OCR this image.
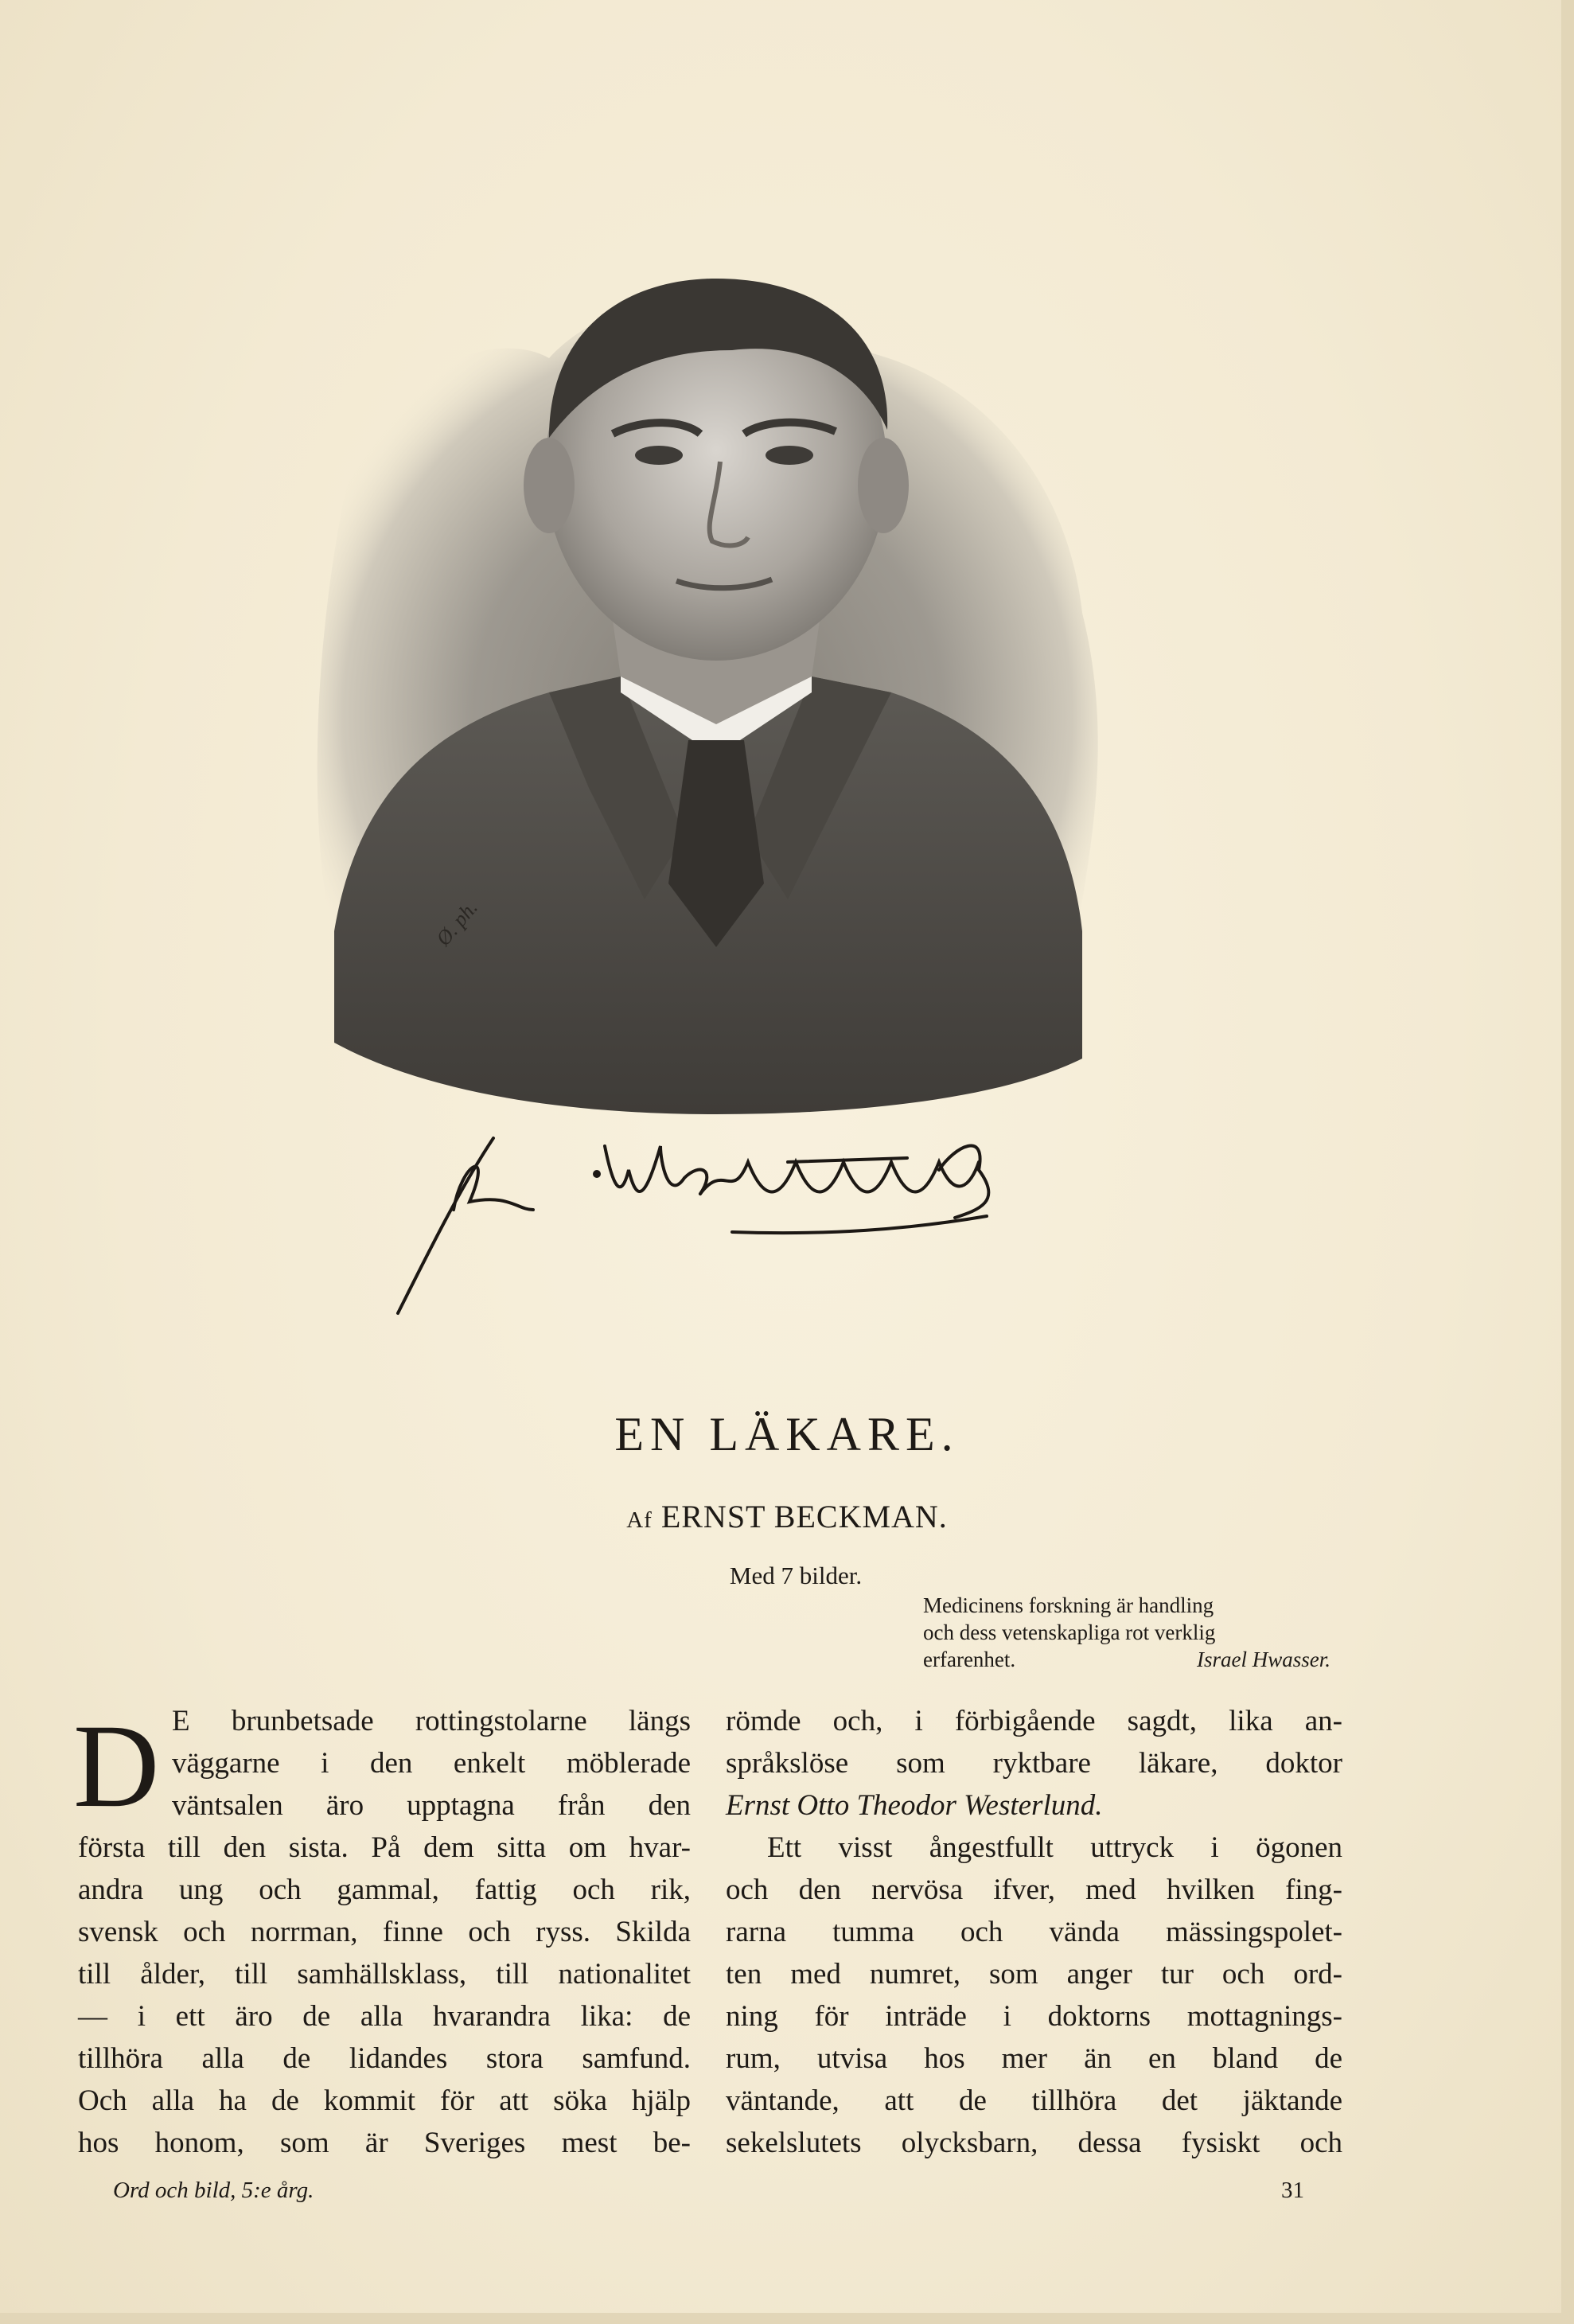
Ø. ph.
EN LÄKARE.
Af ERNST BECKMAN.
Med 7 bilder.
Medicinens forskning är handling
och dess vetenskapliga rot verklig
erfarenhet.	Israel Hwasser.
D E brunbetsade rottingstolarne längs
väggarne i den enkelt möblerade
väntsalen äro upptagna från den
första till den sista. På dem sitta om hvar-
andra ung och gammal, fattig och rik,
svensk och norrman, finne och ryss. Skilda
till ålder, till samhällsklass, till nationalitet
— i ett äro de alla hvarandra lika: de
tillhöra alla de lidandes stora samfund.
Och alla ha de kommit för att söka hjälp
hos honom, som är Sveriges mest be-
römde och, i förbigående sagdt, lika an-
språkslöse som ryktbare läkare, doktor
Ernst Otto Theodor Westerlund.
Ett visst ångestfullt uttryck i ögonen
och den nervösa ifver, med hvilken fing-
rarna tumma och vända mässingspolet-
ten med numret, som anger tur och ord-
ning för inträde i doktorns mottagnings-
rum, utvisa hos mer än en bland de
väntande, att de tillhöra det jäktande
sekelslutets olycksbarn, dessa fysiskt och
Ord och bild, 5:e årg.	31
